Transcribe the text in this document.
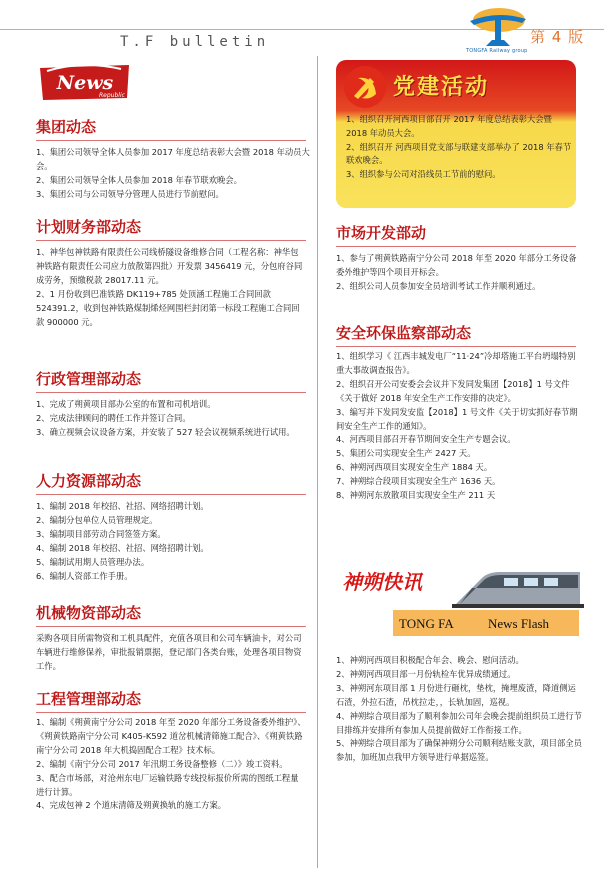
T.F bulletin
TONGFA Railway group
第 4 版
News
Republic
集团动态

1、集团公司领导全体人员参加 2017 年度总结表彰大会暨 2018 年动员大会。

2、集团公司领导全体人员参加 2018 年春节联欢晚会。

3、集团公司与公司领导分管理人员进行节前慰问。

计划财务部动态

1、神华包神铁路有限责任公司线桥隧设备维修合同（工程名称：神华包神铁路有限责任公司应力放散第四批）开发票 3456419 元，分包府谷同成劳务，预缴税款 28017.11 元。

2、1 月份收到巴准铁路 DK119+785 处顶涵工程施工合同回款 524391.2，收到包神铁路煤制烯烃网围栏封闭第一标段工程施工合同回款 900000 元。

行政管理部动态

1、完成了朔黄项目部办公室的布置和司机培训。

2、完成法律顾问的聘任工作并签订合同。

3、确立视频会议设备方案，并安装了 527 轻会议视频系统进行试用。

人力资源部动态

1、编制 2018 年校招、社招、网络招聘计划。

2、编制分包单位人员管理规定。

3、编制项目部劳动合同签签方案。

4、编制 2018 年校招、社招、网络招聘计划。

5、编制试用期人员管理办法。

6、编制人资部工作手册。

机械物资部动态

采购各项目所需物资和工机具配件，充值各项目和公司车辆油卡，对公司车辆进行维修保养，审批报销票据，登记部门各类台账，处理各项目物资工作。

工程管理部动态

1、编制《朔黄南宁分公司 2018 年至 2020 年部分工务设备委外维护》、《朔黄铁路南宁分公司 K405-K592 道岔机械清筛施工配合》、《朔黄铁路南宁分公司 2018 年大机捣固配合工程》技术标。

2、编制《南宁分公司 2017 年汛期工务设备整修（二）》竣工资料。

3、配合市场部，对沧州东电厂运输铁路专线投标报价所需的图纸工程量进行计算。

4、完成包神 2 个道床清筛及朔黄换轨的施工方案。

党建活动

1、组织召开河西项目部召开 2017 年度总结表彰大会暨 2018 年动员大会。

2、组织召开 河西项目党支部与联建支部举办了 2018 年春节联欢晚会。

3、组织参与公司对沿线员工节前的慰问。

市场开发部动

1、参与了朔黄铁路南宁分公司 2018 年至 2020 年部分工务设备委外维护等四个项目开标会。

2、组织公司人员参加安全员培训考试工作并顺利通过。

安全环保监察部动态

1、组织学习《 江西丰城发电厂“11·24”冷却塔施工平台坍塌特别重大事故调查报告》。

2、组织召开公司安委会会议并下发同发集团【2018】1 号文件《关于做好 2018 年安全生产工作安排的决定》。

3、编写并下发同发安监【2018】1 号文件《关于切实抓好春节期间安全生产工作的通知》。

4、河西项目部召开春节期间安全生产专题会议。

5、集团公司实现安全生产 2427 天。

6、神朔河西项目实现安全生产 1884 天。

7、神朔综合段项目实现安全生产 1636 天。

8、神朔河东放散项目实现安全生产 211 天

神朔快讯
TONG FA	News Flash

1、神朔河西项目积极配合年会、晚会、慰问活动。

2、神朔河西项目部一月份轨检车优异成绩通过。

3、神朔河东项目部 1 月份进行砸枕，垫枕，掩埋废渣，降道侧运石渣，外拉石渣，吊枕拉走，，长轨加固，巡视。

4、神朔综合项目部为了顺利参加公司年会晚会提前组织员工进行节目排练并安排所有参加人员提前做好工作衔接工作。

5、神朔综合项目部为了确保神朔分公司顺利结账支款，项目部全员参加，加班加点我甲方领导进行单据巡签。
